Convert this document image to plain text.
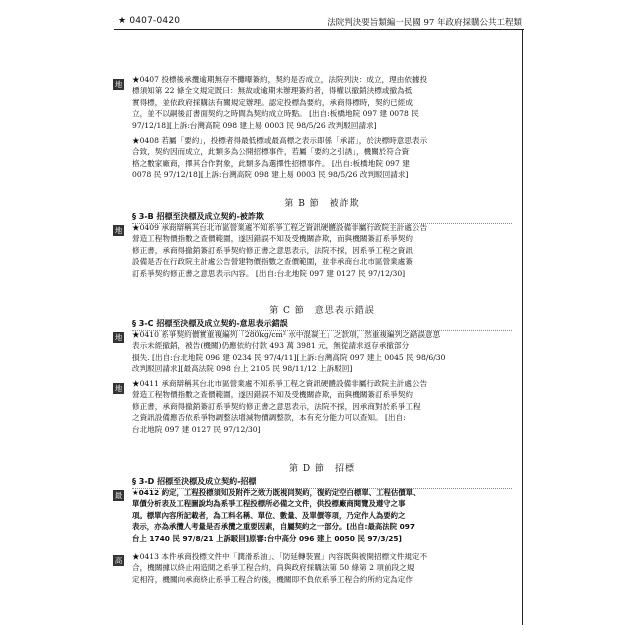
★ 0407-0420	法院判決要旨類編一民國 97 年政府採購公共工程類
地
★0407 投標後承攬逾期無存不攤曝簽約，契約是否成立，法院列決：成立，理由依據投
標須知第 22 條全文規定既曰：無故或逾期未辦理簽約者，得權以撤銷決標或撤為抵
實得標，並依政府採購法有關規定辦理。認定投標為要約，承商得標時，契約已經成
立，並不以嗣後訂書面契約之時間為契約成立時點。 [出自:板橋地院 097 建 0078 民
97/12/18][上訴:台灣高院 098 建上易 0003 民 98/5/26 改判駁回請求]
★0408 若屬「要約」，投標者得最低標或最高標之表示即係「承諾」，於決標時意思表示
合致，契約因而成立，此類多為公開招標事件，若屬「要約之引誘」，機關於符合資
格之數家廠商，擇其合作對象，此類多為選擇性招標事件。 [出自:板橋地院 097 建
0078 民 97/12/18][上訴:台灣高院 098 建上易 0003 民 98/5/26 改判駁回請求]
第 B 節　被詐欺
§ 3-B 招標至決標及成立契約-被詐欺
地 ★0409 承商辯稱其台北市區營業處不知系爭工程之資訊硬體設備非屬行政院主計處公告
營造工程物價指數之查價範圍，遂因錯誤不知及受機關詐欺，而與機關簽訂系爭契約
修正書，承商得撤銷簽訂系爭契約修正書之意思表示，法院不採，因系爭工程之資訊
設備是否在行政院主計處公告營建物價指數之查價範圍，並非承商台北市區營業處簽
訂系爭契約修正書之意思表示內容。 [出自:台北地院 097 建 0127 民 97/12/30]
第 C 節　意思表示錯誤
§ 3-C 招標至決標及成立契約-意思表示錯誤
地 ★0410 系爭契約價實重複編列「280kg/cm² 水中混凝土」之款項，然重複編列之錯誤意思
表示未經撤銷，被告(機關)仍應依約付款 493 萬 3981 元，無從請求返存承撤部分
損失. [出自:台北地院 096 建 0234 民 97/4/11][上訴:台灣高院 097 建上 0045 民 98/6/30
改判駁回請求][最高法院 098 台上 2105 民 98/11/12 上訴駁回]
地
★0411 承商辯稱其台北市區營業處不知系爭工程之資訊硬體設備非屬行政院主計處公告
營造工程物價指數之查價範圍，遂因錯誤不知及受機關詐欺，而與機關簽訂系爭契約
修正書，承商得撤銷簽訂系爭契約修正書之意思表示，法院不採，因承商對於系爭工程
之資訊設備應否依系爭物調整法增減物價調整款，本有充分能力可以查知。 [出自:
台北地院 097 建 0127 民 97/12/30]
第 D 節　招標
§ 3-D 招標至決標及成立契約-招標
最 ★0412 約定，工程投標須知及附件之效力既視同契約，復約定空白標單、工程估價單、
單價分析表及工程圖說均為系爭工程投標所必備之文件，供投標廠商閱覽及遵守之事
項。標單內容所記載者，為工料名稱、單位、數量、及單價等項，乃定作人為要約之
表示，亦為承攬人考量是否承攬之重要因素，自屬契約之一部分。[出自:最高法院 097
台上 1740 民 97/8/21 上訴駁回]原審:台中高分 096 建上 0050 民 97/3/25]
高 ★0413 本件承商投標文件中「潤滑系油」、「防延轉裝置」內容既與被開招標文件規定不
合，機關據以終止兩造間之系爭工程合約，尚與政府採購法第 50 條第 2 項前段之規
定相符，機關向承商終止系爭工程合約後，機關即不負依系爭工程合約所約定為定作
